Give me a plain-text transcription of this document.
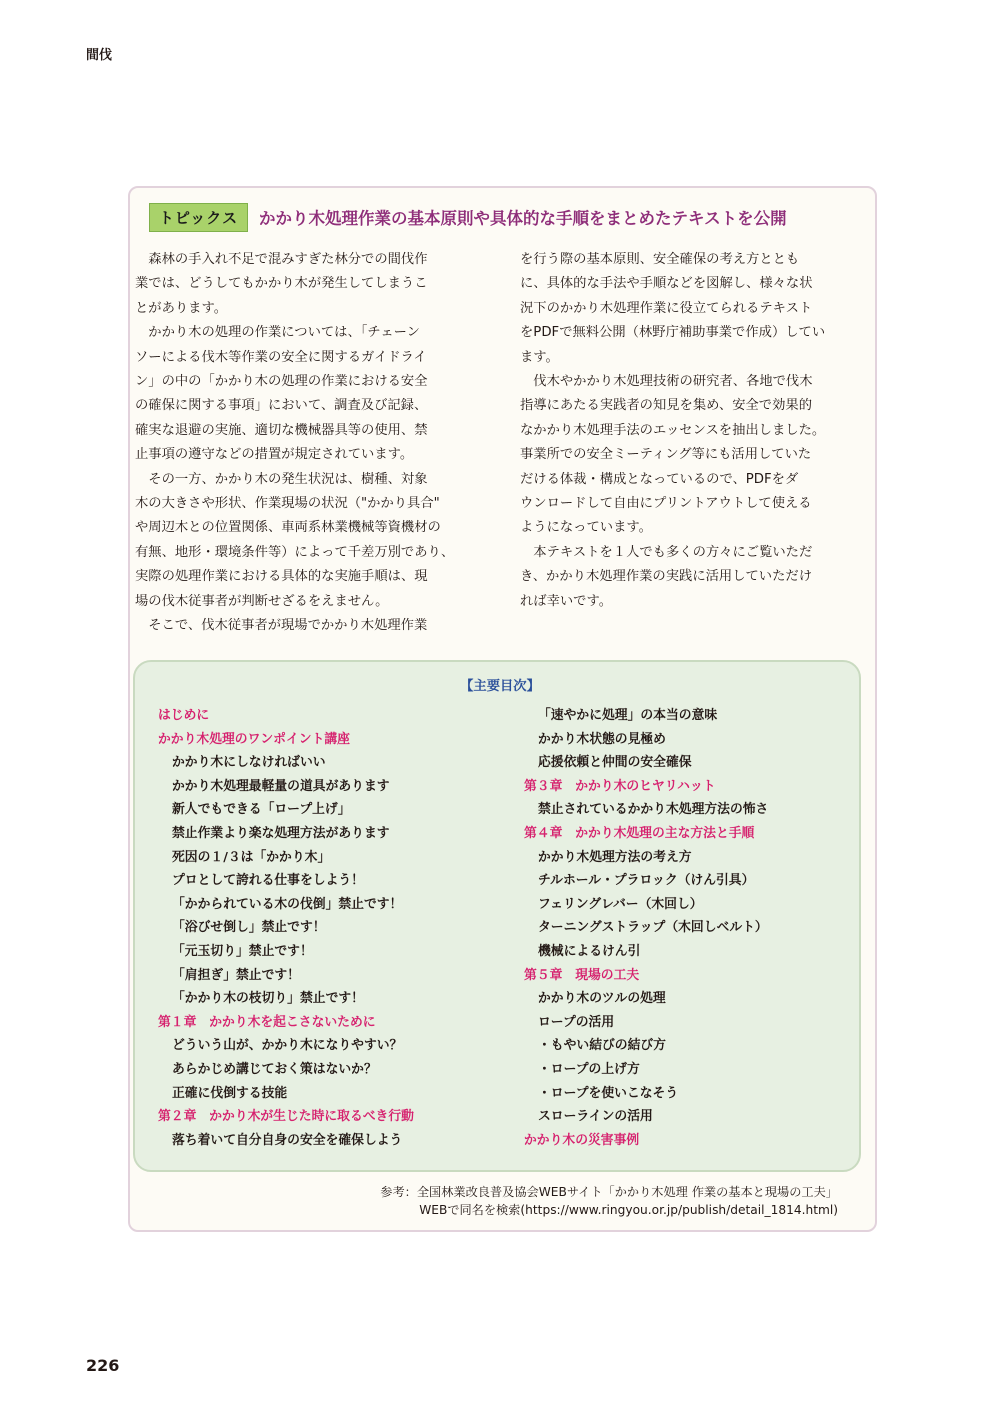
間伐
トピックス	かかり木処理作業の基本原則や具体的な手順をまとめたテキストを公開
　森林の手入れ不足で混みすぎた林分での間伐作
業では、どうしてもかかり木が発生してしまうこ
とがあります。
　かかり木の処理の作業については、「チェーン
ソーによる伐木等作業の安全に関するガイドライ
ン」の中の「かかり木の処理の作業における安全
の確保に関する事項」において、調査及び記録、
確実な退避の実施、適切な機械器具等の使用、禁
止事項の遵守などの措置が規定されています。
　その一方、かかり木の発生状況は、樹種、対象
木の大きさや形状、作業現場の状況（"かかり具合"
や周辺木との位置関係、車両系林業機械等資機材の
有無、地形・環境条件等）によって千差万別であり、
実際の処理作業における具体的な実施手順は、現
場の伐木従事者が判断せざるをえません。
　そこで、伐木従事者が現場でかかり木処理作業
を行う際の基本原則、安全確保の考え方ととも
に、具体的な手法や手順などを図解し、様々な状
況下のかかり木処理作業に役立てられるテキスト
をPDFで無料公開（林野庁補助事業で作成）してい
ます。
　伐木やかかり木処理技術の研究者、各地で伐木
指導にあたる実践者の知見を集め、安全で効果的
なかかり木処理手法のエッセンスを抽出しました。
事業所での安全ミーティング等にも活用していた
だける体裁・構成となっているので、PDFをダ
ウンロードして自由にプリントアウトして使える
ようになっています。
　本テキストを１人でも多くの方々にご覧いただ
き、かかり木処理作業の実践に活用していただけ
れば幸いです。
【主要目次】
はじめに
かかり木処理のワンポイント講座
かかり木にしなければいい
かかり木処理最軽量の道具があります
新人でもできる「ロープ上げ」
禁止作業より楽な処理方法があります
死因の１/３は「かかり木」
プロとして誇れる仕事をしよう！
「かかられている木の伐倒」禁止です！
「浴びせ倒し」禁止です！
「元玉切り」禁止です！
「肩担ぎ」禁止です！
「かかり木の枝切り」禁止です！
第１章　かかり木を起こさないために
どういう山が、かかり木になりやすい？
あらかじめ講じておく策はないか？
正確に伐倒する技能
第２章　かかり木が生じた時に取るべき行動
落ち着いて自分自身の安全を確保しよう
「速やかに処理」の本当の意味
かかり木状態の見極め
応援依頼と仲間の安全確保
第３章　かかり木のヒヤリハット
禁止されているかかり木処理方法の怖さ
第４章　かかり木処理の主な方法と手順
かかり木処理方法の考え方
チルホール・プラロック（けん引具）
フェリングレバー（木回し）
ターニングストラップ（木回しベルト）
機械によるけん引
第５章　現場の工夫
かかり木のツルの処理
ロープの活用
・もやい結びの結び方
・ロープの上げ方
・ロープを使いこなそう
スローラインの活用
かかり木の災害事例
参考：全国林業改良普及協会WEBサイト「かかり木処理 作業の基本と現場の工夫」
WEBで同名を検索(https://www.ringyou.or.jp/publish/detail_1814.html)
226
